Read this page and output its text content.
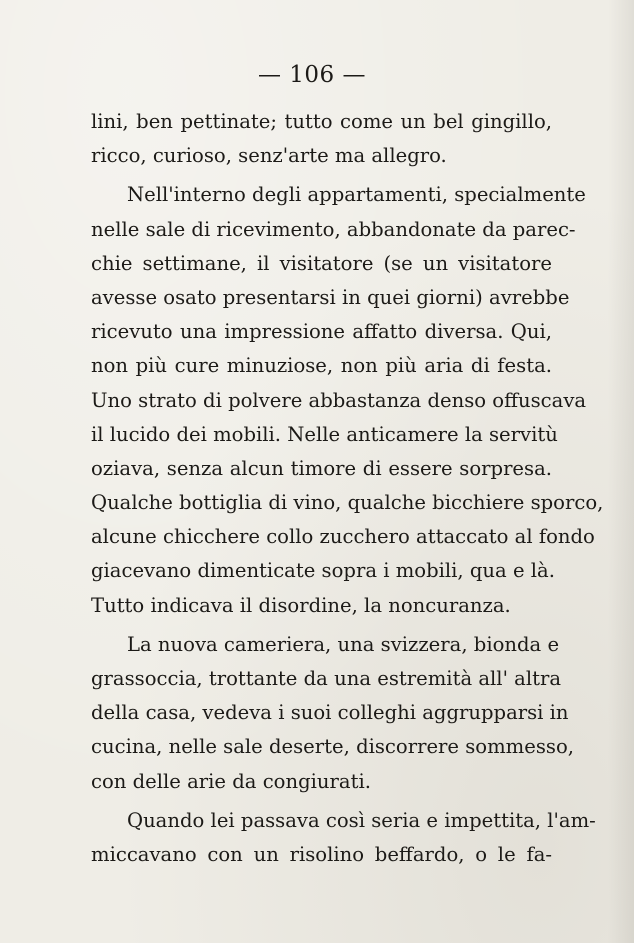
— 106 —
lini, ben pettinate; tutto come un bel gingillo,
ricco, curioso, senz'arte ma allegro.
Nell'interno degli appartamenti, specialmente
nelle sale di ricevimento, abbandonate da parec-
chie settimane, il visitatore (se un visitatore
avesse osato presentarsi in quei giorni) avrebbe
ricevuto una impressione affatto diversa. Qui,
non più cure minuziose, non più aria di festa.
Uno strato di polvere abbastanza denso offuscava
il lucido dei mobili. Nelle anticamere la servitù
oziava, senza alcun timore di essere sorpresa.
Qualche bottiglia di vino, qualche bicchiere sporco,
alcune chicchere collo zucchero attaccato al fondo
giacevano dimenticate sopra i mobili, qua e là.
Tutto indicava il disordine, la noncuranza.
La nuova cameriera, una svizzera, bionda e
grassoccia, trottante da una estremità all' altra
della casa, vedeva i suoi colleghi aggrupparsi in
cucina, nelle sale deserte, discorrere sommesso,
con delle arie da congiurati.
Quando lei passava così seria e impettita, l'am-
miccavano con un risolino beffardo, o le fa-
